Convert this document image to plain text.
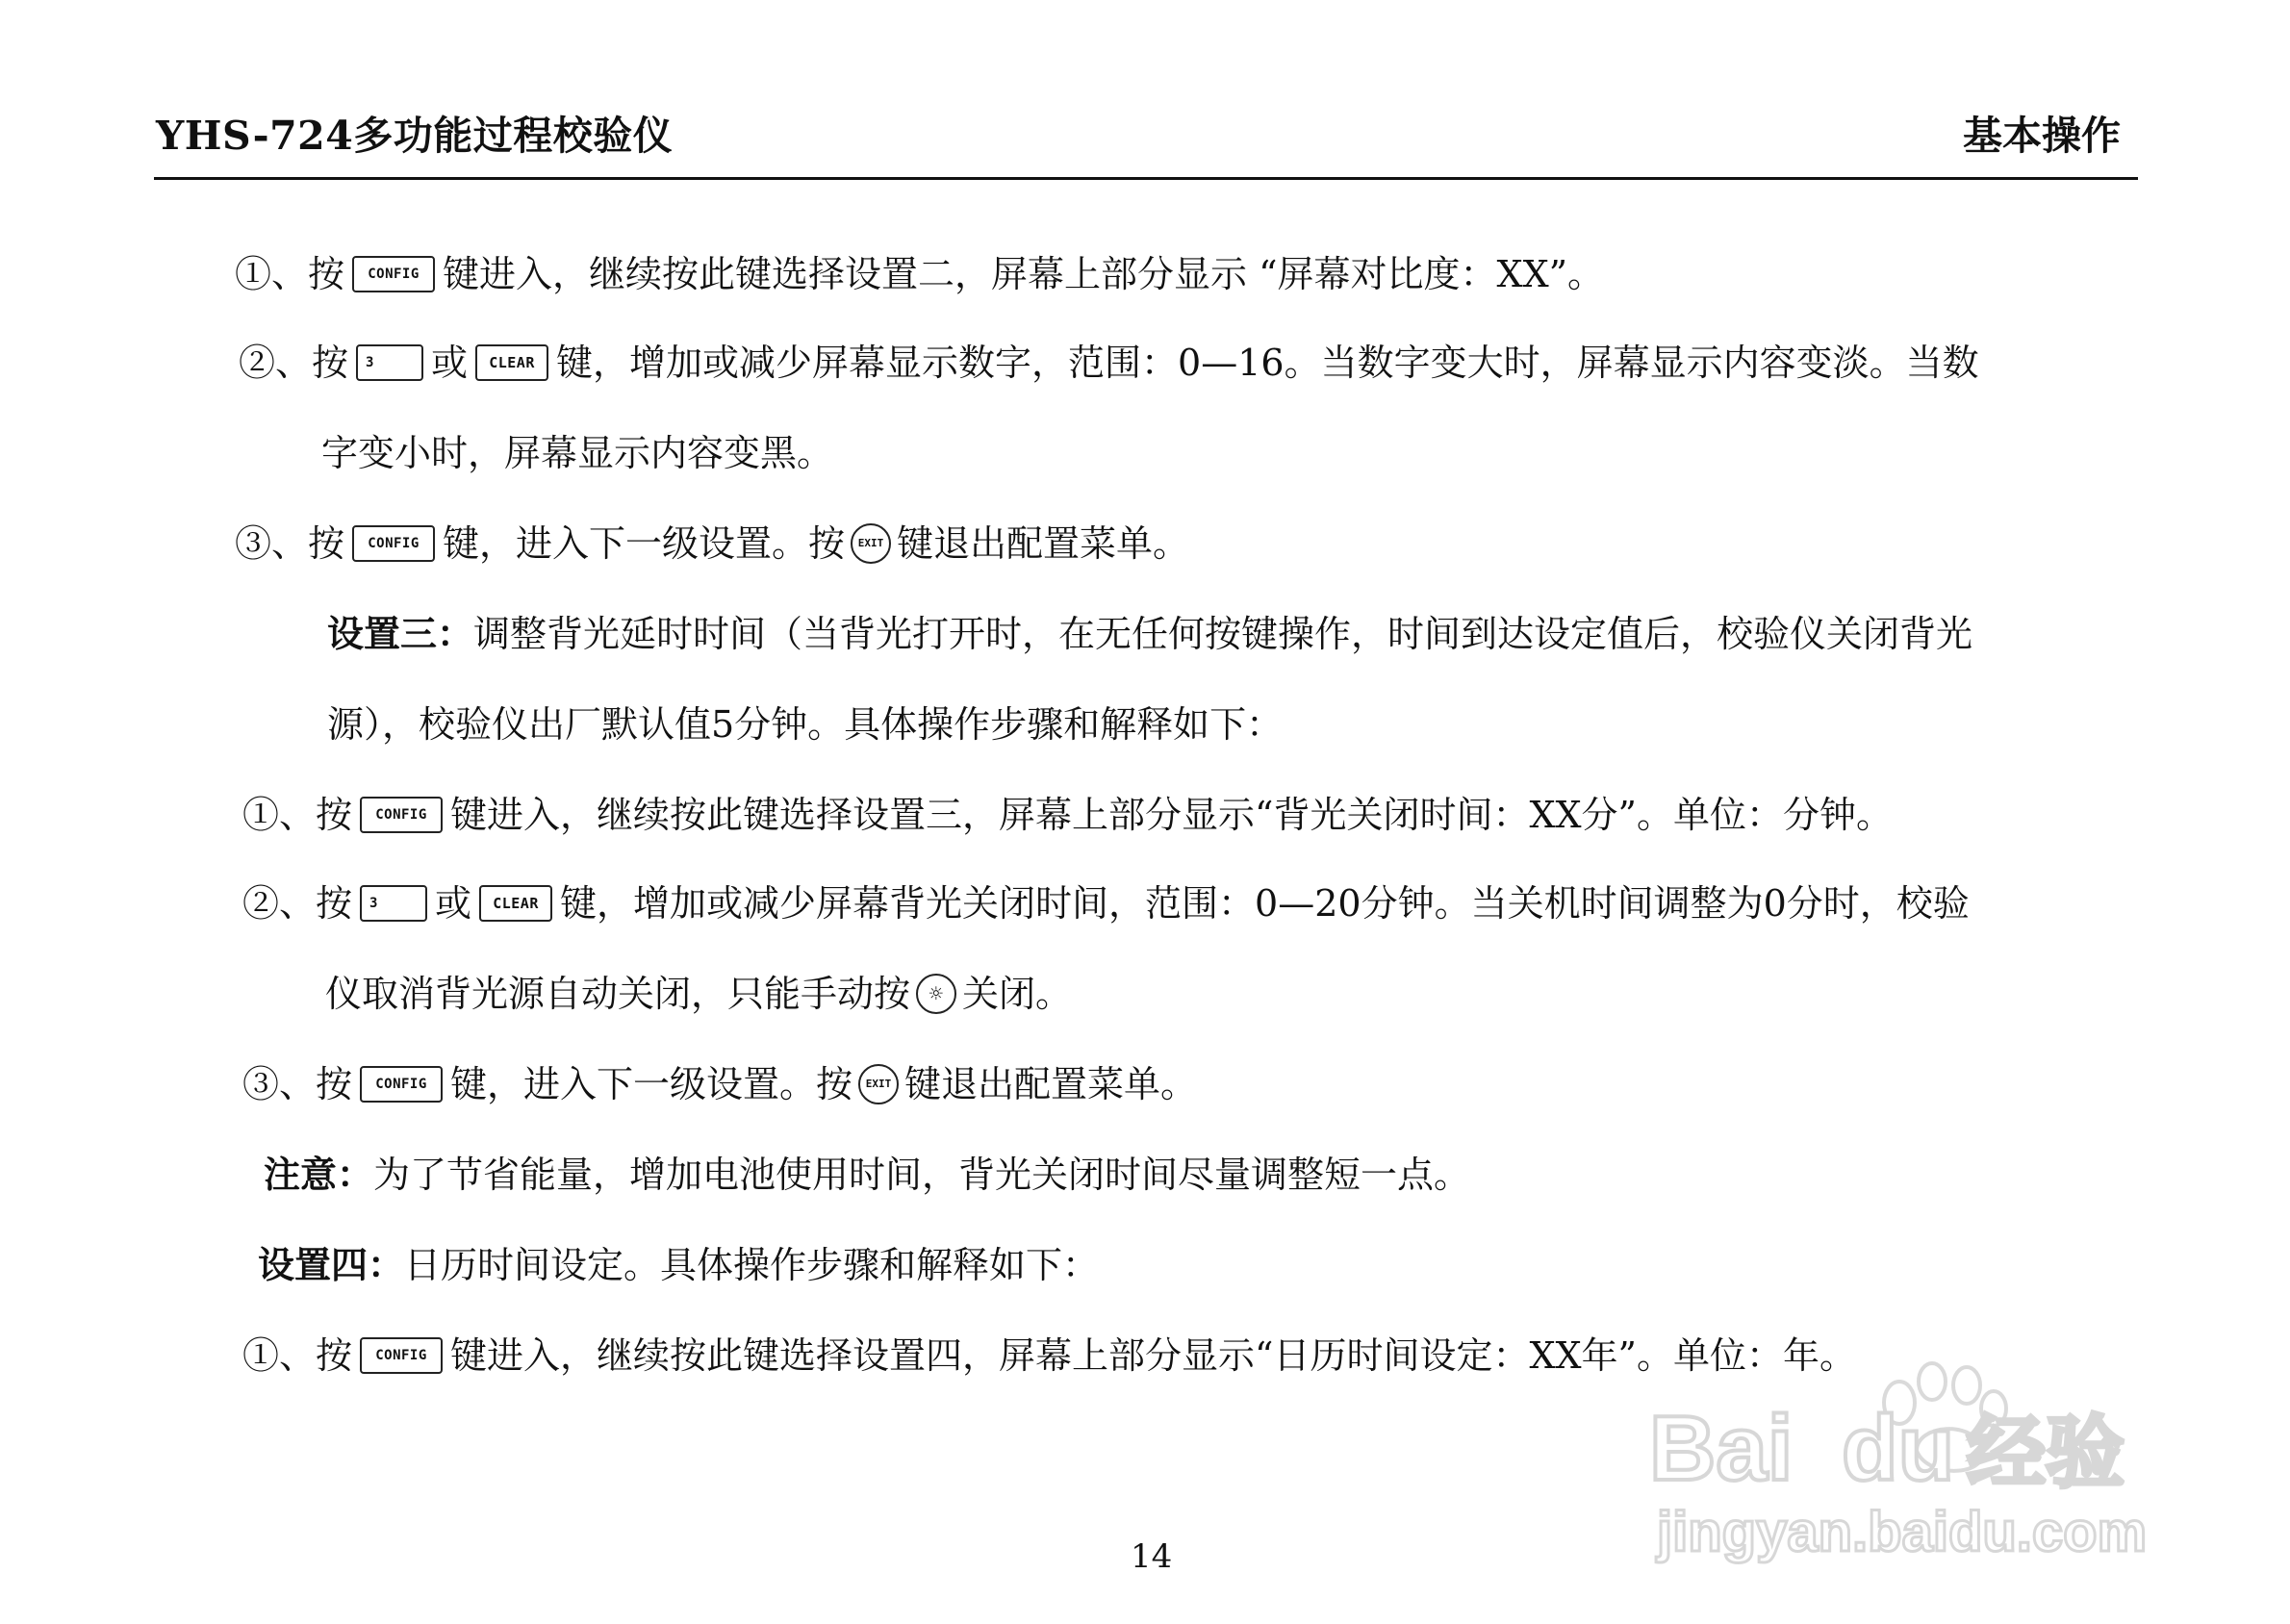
YHS-724多功能过程校验仪	基本操作
①、按	CONFIG 键进入，继续按此键选择设置二，屏幕上部分显示 “屏幕对比度：XX”。
②、按	3	或	CLEAR 键，增加或减少屏幕显示数字，范围：0—16。当数字变大时，屏幕显示内容变淡。当数
字变小时，屏幕显示内容变黑。
③、按	CONFIG 键，进入下一级设置。按	EXIT 键退出配置菜单。
设置三： 调整背光延时时间（当背光打开时，在无任何按键操作，时间到达设定值后，校验仪关闭背光
源），校验仪出厂默认值5分钟。具体操作步骤和解释如下：
①、按	CONFIG 键进入，继续按此键选择设置三，屏幕上部分显示“背光关闭时间：XX分”。单位：分钟。
②、按	3	或	CLEAR 键，增加或减少屏幕背光关闭时间，范围：0—20分钟。当关机时间调整为0分时，校验
仪取消背光源自动关闭，只能手动按 ☼ 关闭。
③、按	CONFIG 键，进入下一级设置。按	EXIT 键退出配置菜单。
注意： 为了节省能量，增加电池使用时间，背光关闭时间尽量调整短一点。
设置四： 日历时间设定。具体操作步骤和解释如下：
①、按	CONFIG 键进入，继续按此键选择设置四，屏幕上部分显示“日历时间设定：XX年”。单位：年。
14
Bai du 经验
jingyan.baidu.com
